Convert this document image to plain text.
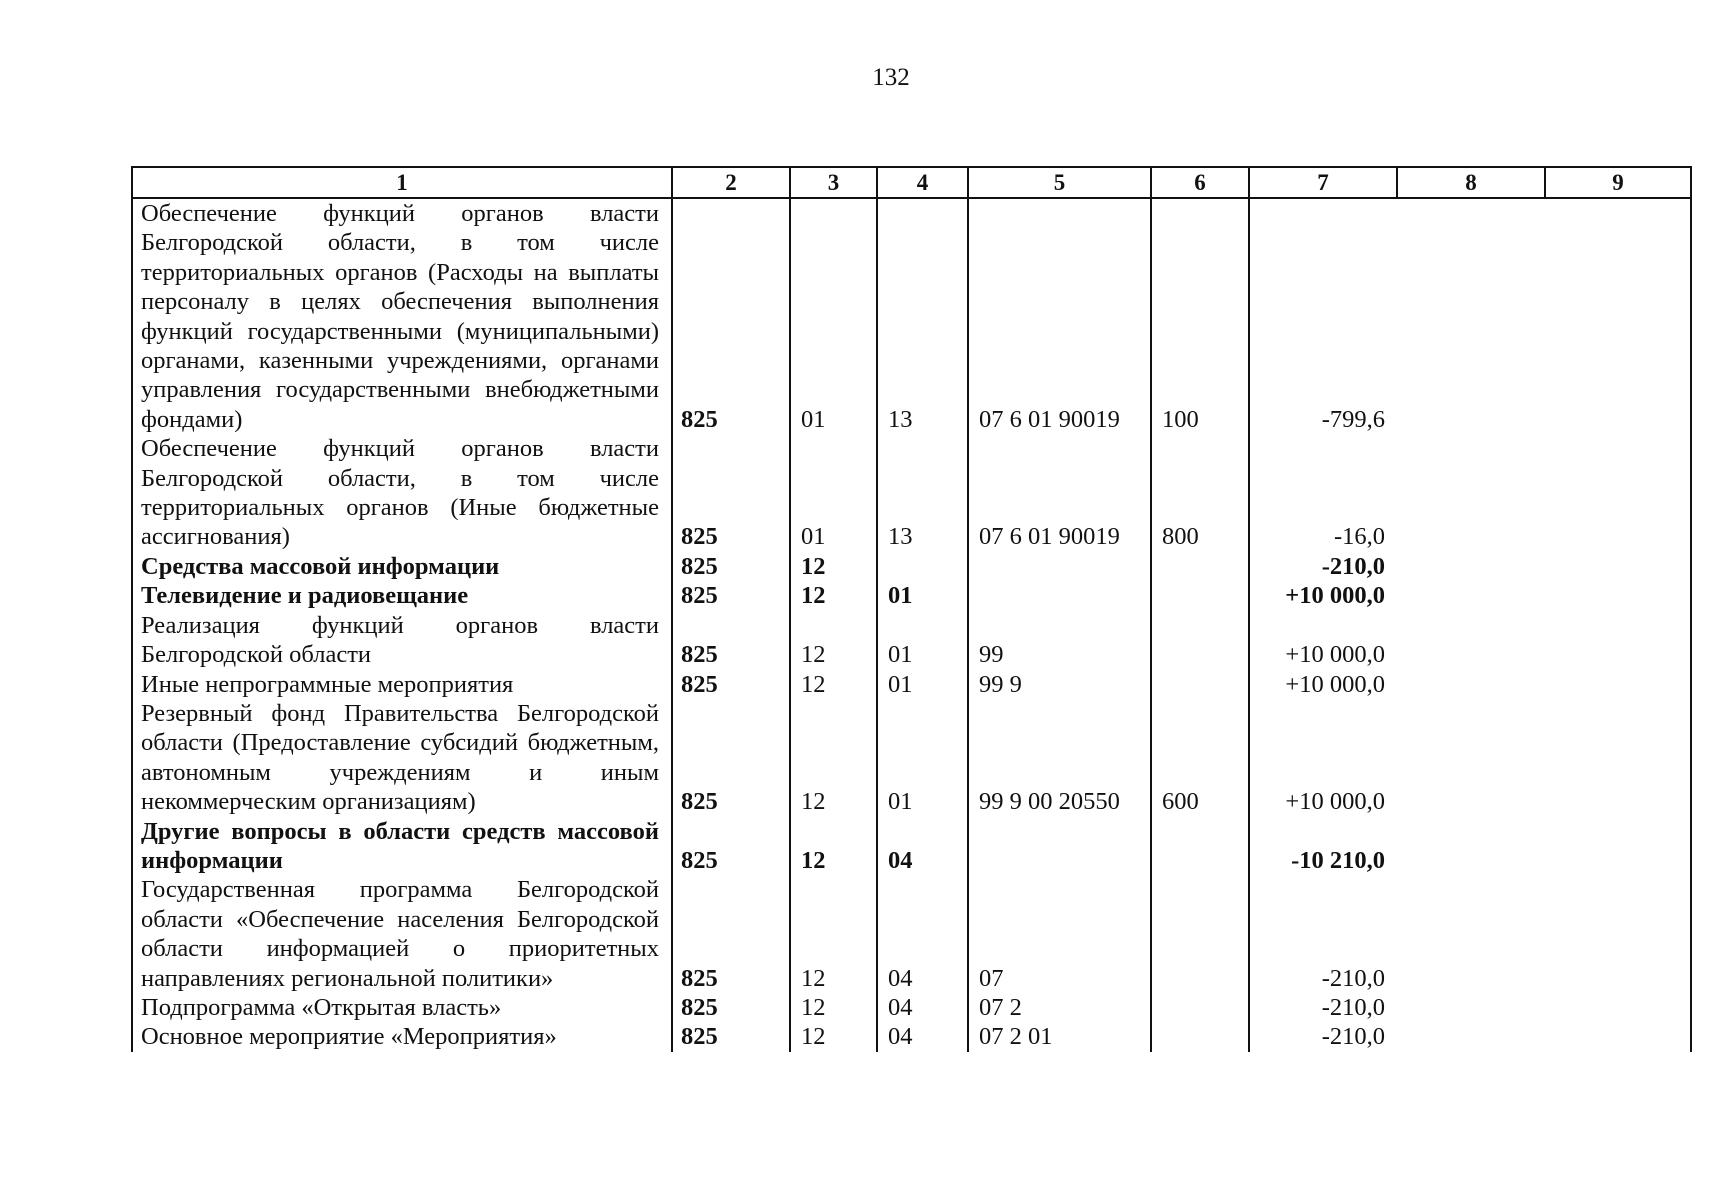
132
1	2	3	4	5	6	7	8	9
Обеспечение функций органов власти Белгородской области, в том числе территориальных органов (Расходы на выплаты персоналу в целях обеспечения выполнения функций государственными (муниципальными) органами, казенными учреждениями, органами управления государственными внебюджетными фондами)	825	01	13	07 6 01 90019	100	-799,6		
Обеспечение функций органов власти Белгородской области, в том числе территориальных органов (Иные бюджетные ассигнования)	825	01	13	07 6 01 90019	800	-16,0		
Средства массовой информации	825	12				-210,0		
Телевидение и радиовещание	825	12	01			+10 000,0		
Реализация функций органов власти Белгородской области	825	12	01	99		+10 000,0		
Иные непрограммные мероприятия	825	12	01	99 9		+10 000,0		
Резервный фонд Правительства Белгородской области (Предоставление субсидий бюджетным, автономным учреждениям и иным некоммерческим организациям)	825	12	01	99 9 00 20550	600	+10 000,0		
Другие вопросы в области средств массовой информации	825	12	04			-10 210,0		
Государственная программа Белгородской области «Обеспечение населения Белгородской области информацией о приоритетных направлениях региональной политики»	825	12	04	07		-210,0		
Подпрограмма «Открытая власть»	825	12	04	07 2		-210,0		
Основное мероприятие «Мероприятия»	825	12	04	07 2 01		-210,0		
